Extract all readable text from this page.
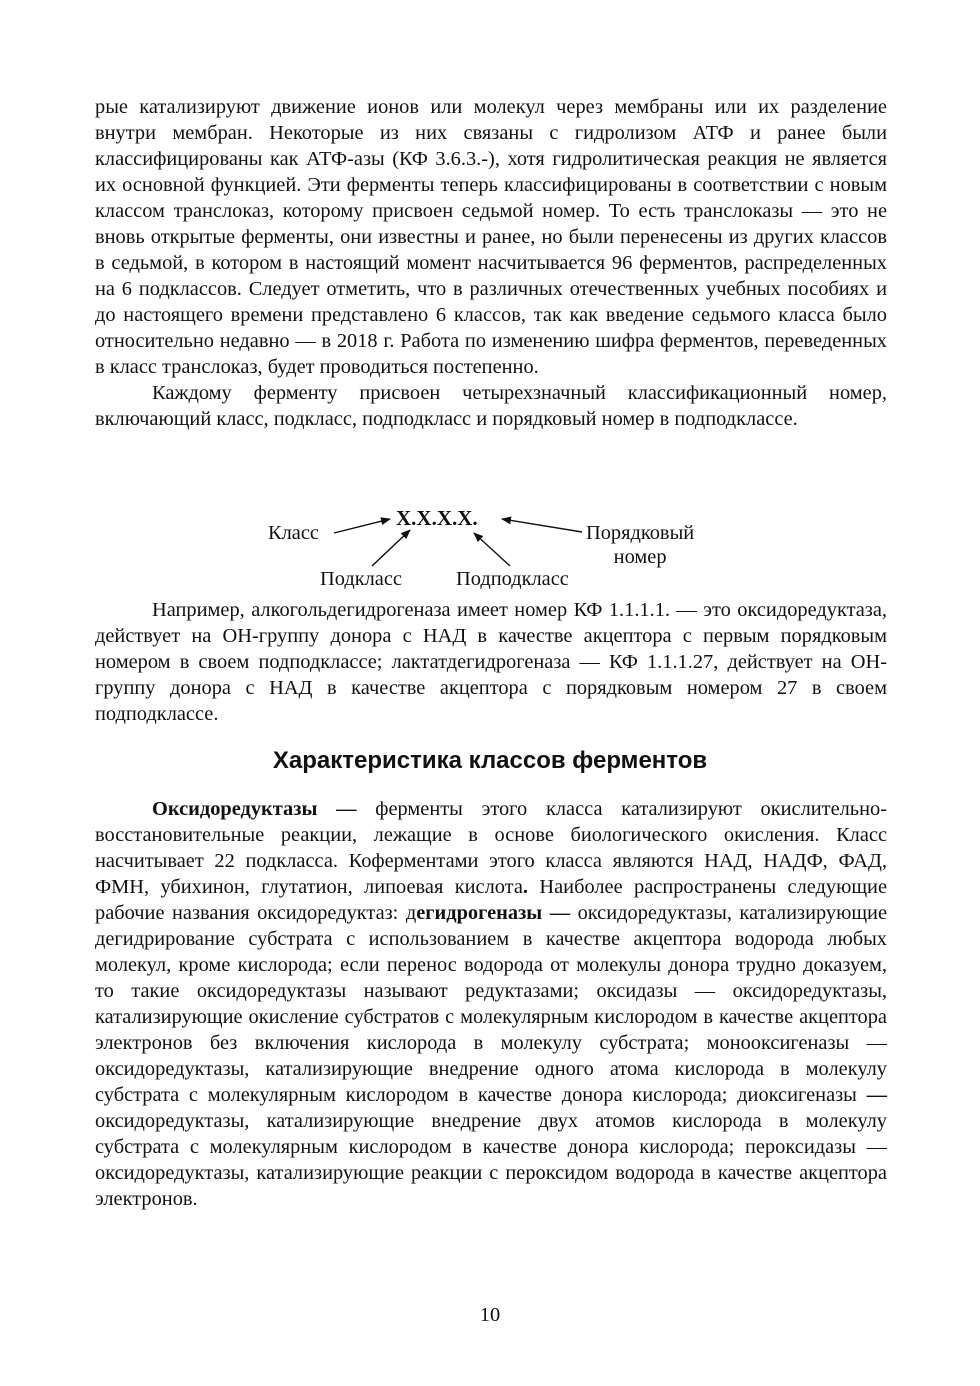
рые катализируют движение ионов или молекул через мембраны или их разделение внутри мембран. Некоторые из них связаны с гидролизом АТФ и ранее были классифицированы как АТФ-азы (КФ 3.6.3.-), хотя гидролитическая реакция не является их основной функцией. Эти ферменты теперь классифицированы в соответствии с новым классом транслоказ, которому присвоен седьмой номер. То есть транслоказы — это не вновь открытые ферменты, они известны и ранее, но были перенесены из других классов в седьмой, в котором в настоящий момент насчитывается 96 ферментов, распределенных на 6 подклассов. Следует отметить, что в различных отечественных учебных пособиях и до настоящего времени представлено 6 классов, так как введение седьмого класса было относительно недавно — в 2018 г. Работа по изменению шифра ферментов, переведенных в класс транслоказ, будет проводиться постепенно.

Каждому ферменту присвоен четырехзначный классификационный номер, включающий класс, подкласс, подподкласс и порядковый номер в подподклассе.

Х.Х.Х.Х.
Класс	Порядковый
номер
Подкласс	Подподкласс

Например, алкогольдегидрогеназа имеет номер КФ 1.1.1.1. — это оксидоредуктаза, действует на ОН-группу донора с НАД в качестве акцептора с первым порядковым номером в своем подподклассе; лактатдегидрогеназа — КФ 1.1.1.27, действует на ОН-группу донора с НАД в качестве акцептора с порядковым номером 27 в своем подподклассе.

Характеристика классов ферментов

Оксидоредуктазы — ферменты этого класса катализируют окислительно-восстановительные реакции, лежащие в основе биологического окисления. Класс насчитывает 22 подкласса. Коферментами этого класса являются НАД, НАДФ, ФАД, ФМН, убихинон, глутатион, липоевая кислота. Наиболее распространены следующие рабочие названия оксидоредуктаз: дегидрогеназы — оксидоредуктазы, катализирующие дегидрирование субстрата с использованием в качестве акцептора водорода любых молекул, кроме кислорода; если перенос водорода от молекулы донора трудно доказуем, то такие оксидоредуктазы называют редуктазами; оксидазы — оксидоредуктазы, катализирующие окисление субстратов с молекулярным кислородом в качестве акцептора электронов без включения кислорода в молекулу субстрата; монооксигеназы — оксидоредуктазы, катализирующие внедрение одного атома кислорода в молекулу субстрата с молекулярным кислородом в качестве донора кислорода; диоксигеназы — оксидоредуктазы, катализирующие внедрение двух атомов кислорода в молекулу субстрата с молекулярным кислородом в качестве донора кислорода; пероксидазы — оксидоредуктазы, катализирующие реакции с пероксидом водорода в качестве акцептора электронов.

10
